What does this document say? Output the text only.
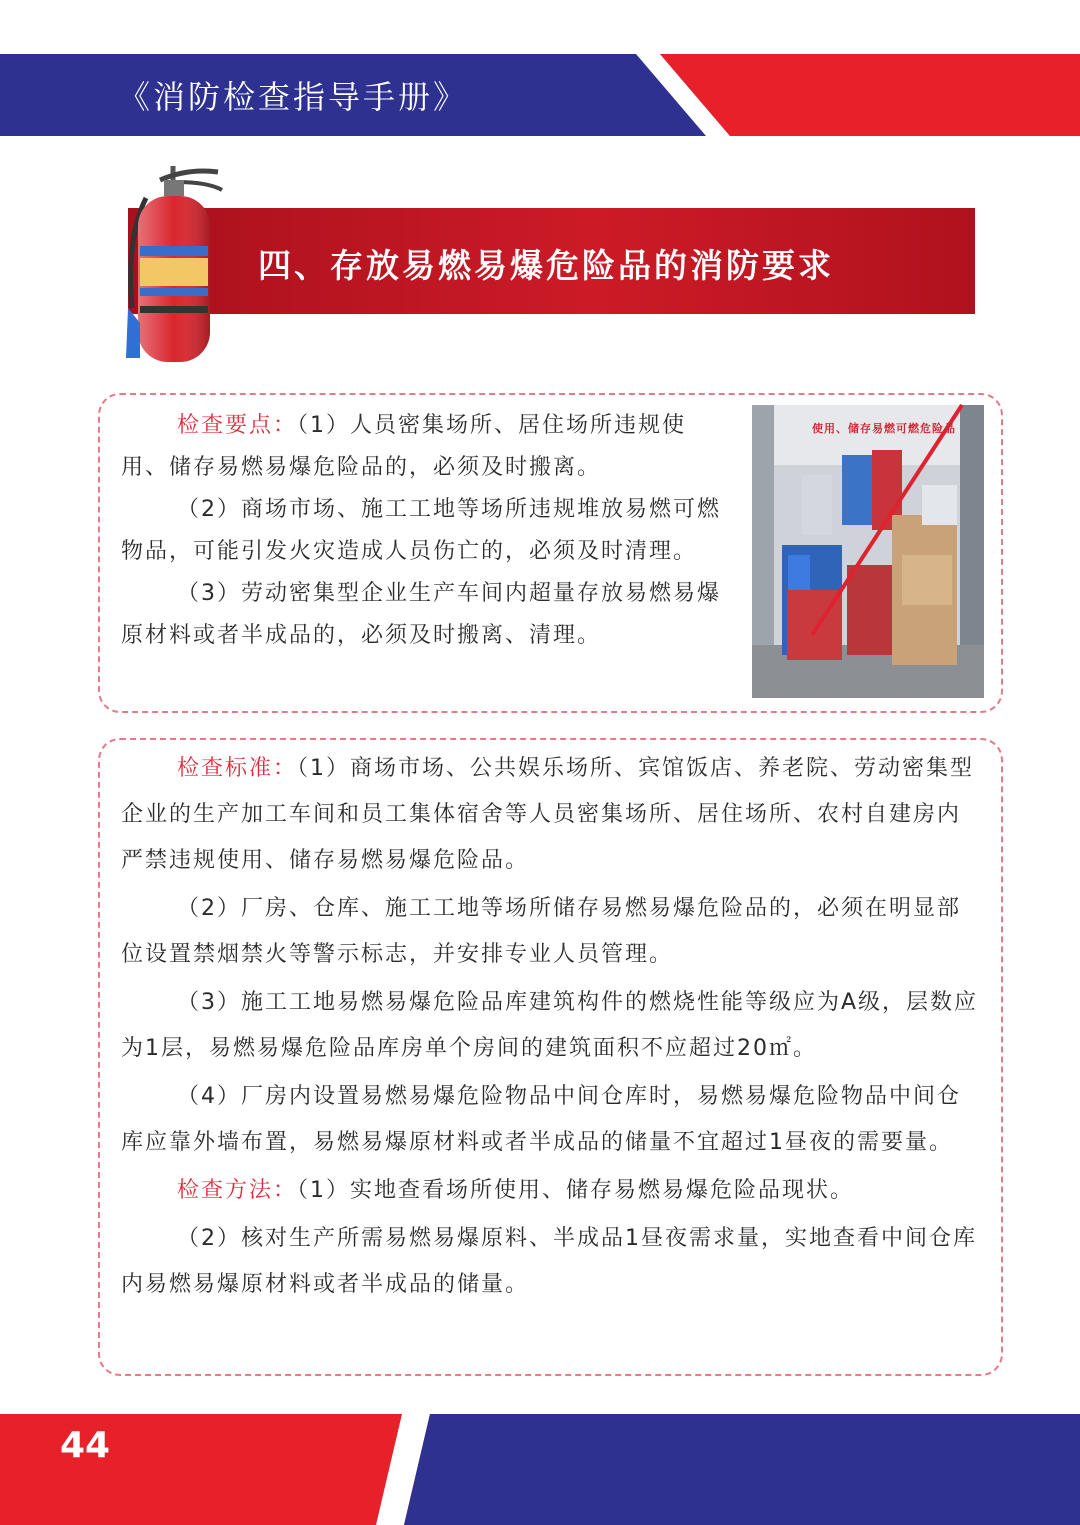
《消防检查指导手册》
四、存放易燃易爆危险品的消防要求

检查要点：（1）人员密集场所、居住场所违规使用、储存易燃易爆危险品的，必须及时搬离。

（2）商场市场、施工工地等场所违规堆放易燃可燃物品，可能引发火灾造成人员伤亡的，必须及时清理。

（3）劳动密集型企业生产车间内超量存放易燃易爆原材料或者半成品的，必须及时搬离、清理。

使用、储存易燃可燃危险品

检查标准：（1）商场市场、公共娱乐场所、宾馆饭店、养老院、劳动密集型企业的生产加工车间和员工集体宿舍等人员密集场所、居住场所、农村自建房内严禁违规使用、储存易燃易爆危险品。

（2）厂房、仓库、施工工地等场所储存易燃易爆危险品的，必须在明显部位设置禁烟禁火等警示标志，并安排专业人员管理。

（3）施工工地易燃易爆危险品库建筑构件的燃烧性能等级应为A级，层数应为1层，易燃易爆危险品库房单个房间的建筑面积不应超过20㎡。

（4）厂房内设置易燃易爆危险物品中间仓库时，易燃易爆危险物品中间仓库应靠外墙布置，易燃易爆原材料或者半成品的储量不宜超过1昼夜的需要量。

检查方法：（1）实地查看场所使用、储存易燃易爆危险品现状。

（2）核对生产所需易燃易爆原料、半成品1昼夜需求量，实地查看中间仓库内易燃易爆原材料或者半成品的储量。

44
